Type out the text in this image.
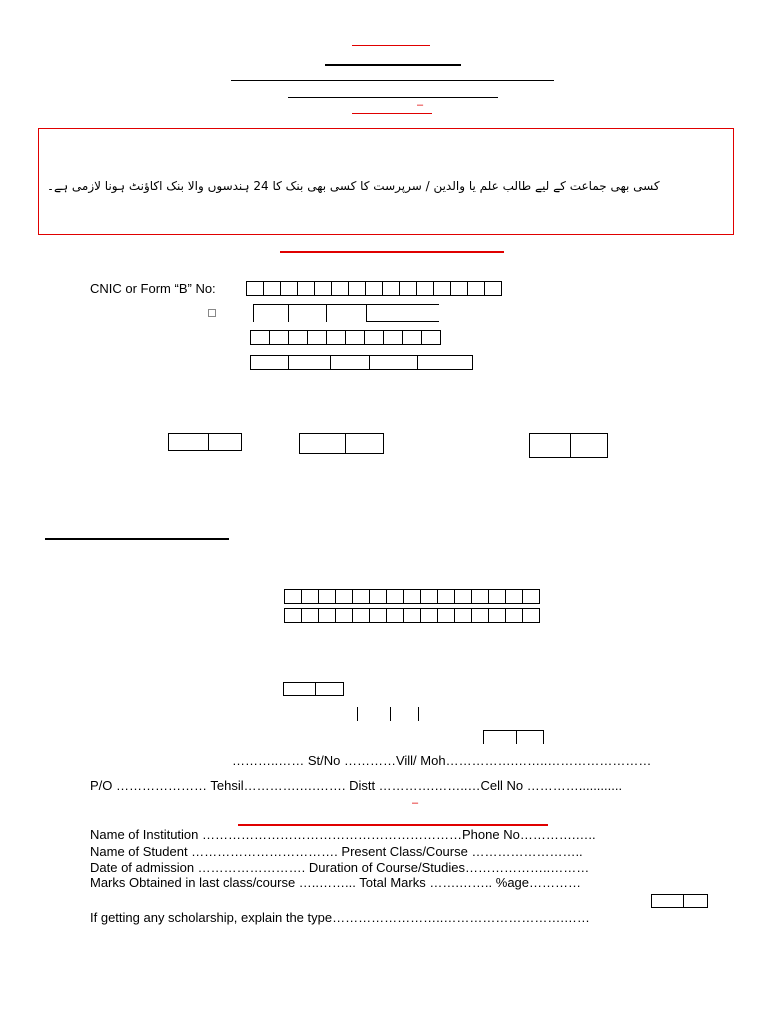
–
کسی بھی جماعت کے لیے طالب علم یا والدین / سرپرست کا کسی بھی بنک کا 24 ہندسوں والا بنک اکاؤنٹ ہونا لازمی ہے۔
CNIC or Form “B” No:
………..…… St/No …………Vill/ Moh…………….……..……………………
P/O ………………… Tehsil………….….……. Distt ………….……..…Cell No …………............
–
Name of Institution ……………………………………………………Phone No………….…..
Name of Student ……………………………. Present Class/Course ……………………..
Date of admission ……………………. Duration of Course/Studies………………..………
Marks Obtained in last class/course …..……... Total Marks …….…….. %age…………
If getting any scholarship, explain the type……………………..……………………….……
